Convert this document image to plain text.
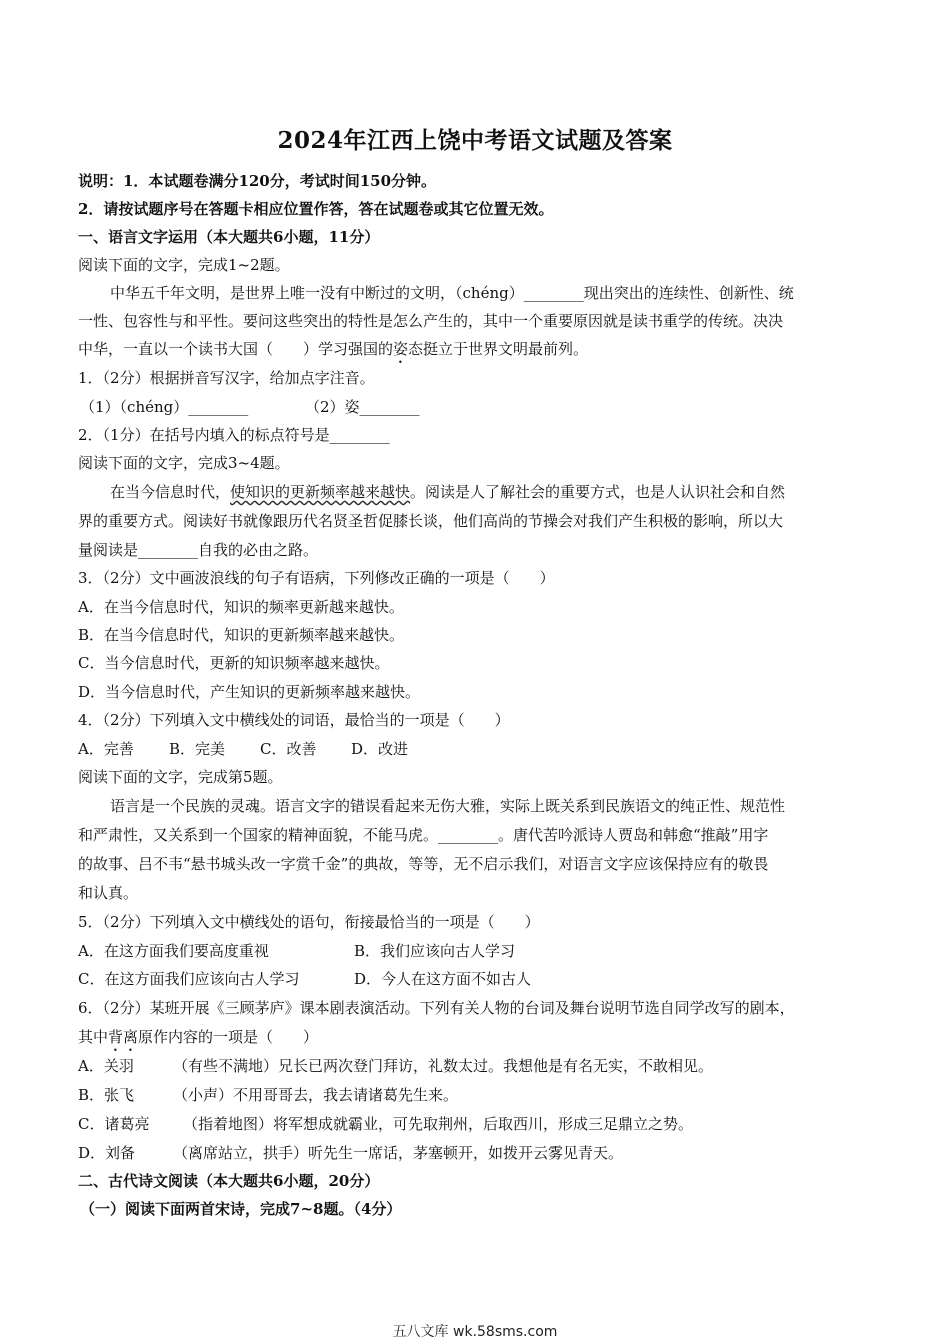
2024年江西上饶中考语文试题及答案
说明：1．本试题卷满分120分，考试时间150分钟。
2．请按试题序号在答题卡相应位置作答，答在试题卷或其它位置无效。
一、语言文字运用（本大题共6小题，11分）
阅读下面的文字，完成1~2题。
中华五千年文明，是世界上唯一没有中断过的文明，（chéng）________现出突出的连续性、创新性、统
一性、包容性与和平性。要问这些突出的特性是怎么产生的，其中一个重要原因就是读书重学的传统。决决
中华，一直以一个读书大国（　　）学习强国的姿态挺立于世界文明最前列。
1．（2分）根据拼音写汉字，给加点字注音。
（1）（chéng）________	（2）姿________
2．（1分）在括号内填入的标点符号是________
阅读下面的文字，完成3~4题。
在当今信息时代，使知识的更新频率越来越快。阅读是人了解社会的重要方式，也是人认识社会和自然
界的重要方式。阅读好书就像跟历代名贤圣哲促膝长谈，他们高尚的节操会对我们产生积极的影响，所以大
量阅读是________自我的必由之路。
3．（2分）文中画波浪线的句子有语病，下列修改正确的一项是（　　）
A．在当今信息时代，知识的频率更新越来越快。
B．在当今信息时代，知识的更新频率越来越快。
C．当今信息时代，更新的知识频率越来越快。
D．当今信息时代，产生知识的更新频率越来越快。
4．（2分）下列填入文中横线处的词语，最恰当的一项是（　　）
A．完善 B．完美 C．改善 D．改进
阅读下面的文字，完成第5题。
语言是一个民族的灵魂。语言文字的错误看起来无伤大雅，实际上既关系到民族语文的纯正性、规范性
和严肃性，又关系到一个国家的精神面貌，不能马虎。________。唐代苦吟派诗人贾岛和韩愈“推敲”用字
的故事、吕不韦“悬书城头改一字赏千金”的典故，等等，无不启示我们，对语言文字应该保持应有的敬畏
和认真。
5．（2分）下列填入文中横线处的语句，衔接最恰当的一项是（　　）
A．在这方面我们要高度重视	B．我们应该向古人学习
C．在这方面我们应该向古人学习	D．今人在这方面不如古人
6．（2分）某班开展《三顾茅庐》课本剧表演活动。下列有关人物的台词及舞台说明节选自同学改写的剧本，
其中背离原作内容的一项是（　　）
A．关羽	（有些不满地）兄长已两次登门拜访，礼数太过。我想他是有名无实，不敢相见。
B．张飞	（小声）不用哥哥去，我去请诸葛先生来。
C．诸葛亮 （指着地图）将军想成就霸业，可先取荆州，后取西川，形成三足鼎立之势。
D．刘备	（离席站立，拱手）听先生一席话，茅塞顿开，如拨开云雾见青天。
二、古代诗文阅读（本大题共6小题，20分）
（一）阅读下面两首宋诗，完成7~8题。（4分）
五八文库 wk.58sms.com
